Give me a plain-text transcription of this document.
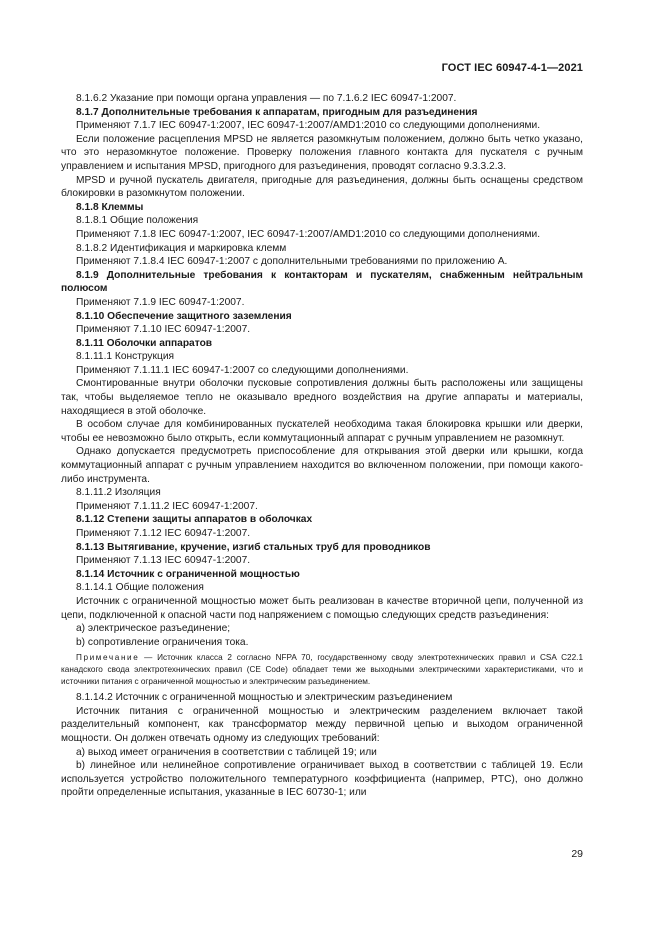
ГОСТ IEC 60947-4-1—2021

8.1.6.2 Указание при помощи органа управления — по 7.1.6.2 IEC 60947-1:2007.

8.1.7 Дополнительные требования к аппаратам, пригодным для разъединения

Применяют 7.1.7 IEC 60947-1:2007, IEC 60947-1:2007/AMD1:2010 со следующими дополнениями.

Если положение расцепления MPSD не является разомкнутым положением, должно быть четко указано, что это неразомкнутое положение. Проверку положения главного контакта для пускателя с ручным управлением и испытания MPSD, пригодного для разъединения, проводят согласно 9.3.3.2.3.

MPSD и ручной пускатель двигателя, пригодные для разъединения, должны быть оснащены средством блокировки в разомкнутом положении.

8.1.8 Клеммы

8.1.8.1 Общие положения

Применяют 7.1.8 IEC 60947-1:2007, IEC 60947-1:2007/AMD1:2010 со следующими дополнениями.

8.1.8.2 Идентификация и маркировка клемм

Применяют 7.1.8.4 IEC 60947-1:2007 с дополнительными требованиями по приложению А.

8.1.9 Дополнительные требования к контакторам и пускателям, снабженным нейтральным полюсом

Применяют 7.1.9 IEC 60947-1:2007.

8.1.10 Обеспечение защитного заземления

Применяют 7.1.10 IEC 60947-1:2007.

8.1.11 Оболочки аппаратов

8.1.11.1 Конструкция

Применяют 7.1.11.1 IEC 60947-1:2007 со следующими дополнениями.

Смонтированные внутри оболочки пусковые сопротивления должны быть расположены или защищены так, чтобы выделяемое тепло не оказывало вредного воздействия на другие аппараты и материалы, находящиеся в этой оболочке.

В особом случае для комбинированных пускателей необходима такая блокировка крышки или дверки, чтобы ее невозможно было открыть, если коммутационный аппарат с ручным управлением не разомкнут.

Однако допускается предусмотреть приспособление для открывания этой дверки или крышки, когда коммутационный аппарат с ручным управлением находится во включенном положении, при помощи какого-либо инструмента.

8.1.11.2 Изоляция

Применяют 7.1.11.2 IEC 60947-1:2007.

8.1.12 Степени защиты аппаратов в оболочках

Применяют 7.1.12 IEC 60947-1:2007.

8.1.13 Вытягивание, кручение, изгиб стальных труб для проводников

Применяют 7.1.13 IEC 60947-1:2007.

8.1.14 Источник с ограниченной мощностью

8.1.14.1 Общие положения

Источник с ограниченной мощностью может быть реализован в качестве вторичной цепи, полученной из цепи, подключенной к опасной части под напряжением с помощью следующих средств разъединения:

a) электрическое разъединение;

b) сопротивление ограничения тока.

Примечание — Источник класса 2 согласно NFPA 70, государственному своду электротехнических правил и CSA C22.1 канадского свода электротехнических правил (CE Code) обладает теми же выходными электрическими характеристиками, что и источники питания с ограниченной мощностью и электрическим разъединением.

8.1.14.2 Источник с ограниченной мощностью и электрическим разъединением

Источник питания с ограниченной мощностью и электрическим разделением включает такой разделительный компонент, как трансформатор между первичной цепью и выходом ограниченной мощности. Он должен отвечать одному из следующих требований:

a) выход имеет ограничения в соответствии с таблицей 19; или

b) линейное или нелинейное сопротивление ограничивает выход в соответствии с таблицей 19. Если используется устройство положительного температурного коэффициента (например, PTC), оно должно пройти определенные испытания, указанные в IEC 60730-1; или

29
